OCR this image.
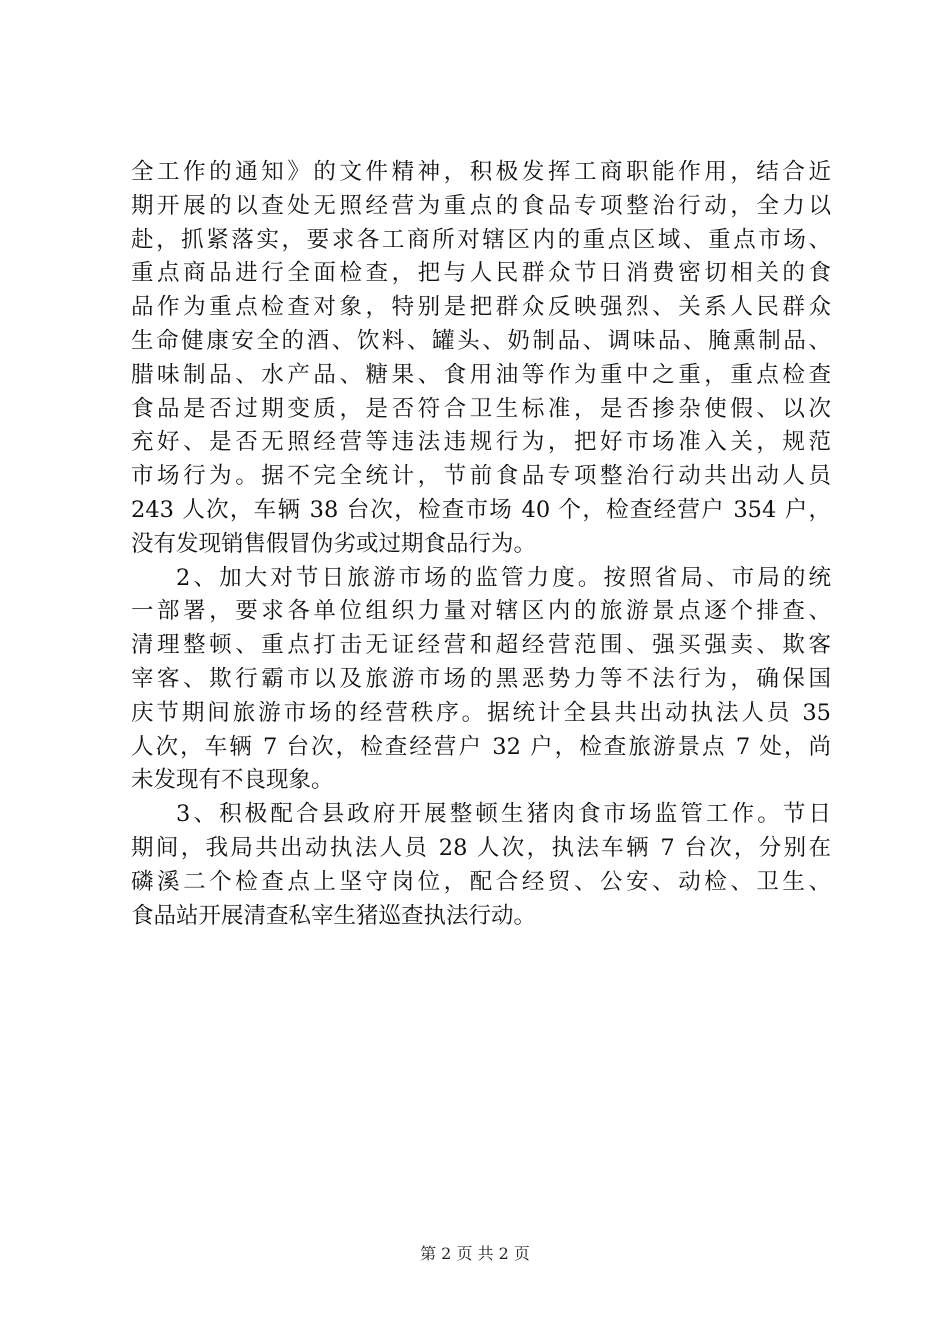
全工作的通知》的文件精神，积极发挥工商职能作用，结合近
期开展的以查处无照经营为重点的食品专项整治行动，全力以
赴，抓紧落实，要求各工商所对辖区内的重点区域、重点市场、
重点商品进行全面检查，把与人民群众节日消费密切相关的食
品作为重点检查对象，特别是把群众反映强烈、关系人民群众
生命健康安全的酒、饮料、罐头、奶制品、调味品、腌熏制品、
腊味制品、水产品、糖果、食用油等作为重中之重，重点检查
食品是否过期变质，是否符合卫生标准，是否掺杂使假、以次
充好、是否无照经营等违法违规行为，把好市场准入关，规范
市场行为。据不完全统计，节前食品专项整治行动共出动人员
243 人次，车辆 38 台次，检查市场 40 个，检查经营户 354 户，
没有发现销售假冒伪劣或过期食品行为。
2、加大对节日旅游市场的监管力度。按照省局、市局的统
一部署，要求各单位组织力量对辖区内的旅游景点逐个排查、
清理整顿、重点打击无证经营和超经营范围、强买强卖、欺客
宰客、欺行霸市以及旅游市场的黑恶势力等不法行为，确保国
庆节期间旅游市场的经营秩序。据统计全县共出动执法人员 35
人次，车辆 7 台次，检查经营户 32 户，检查旅游景点 7 处，尚
未发现有不良现象。
3、积极配合县政府开展整顿生猪肉食市场监管工作。节日
期间，我局共出动执法人员 28 人次，执法车辆 7 台次，分别在
磷溪二个检查点上坚守岗位，配合经贸、公安、动检、卫生、
食品站开展清查私宰生猪巡查执法行动。
第 2 页 共 2 页
